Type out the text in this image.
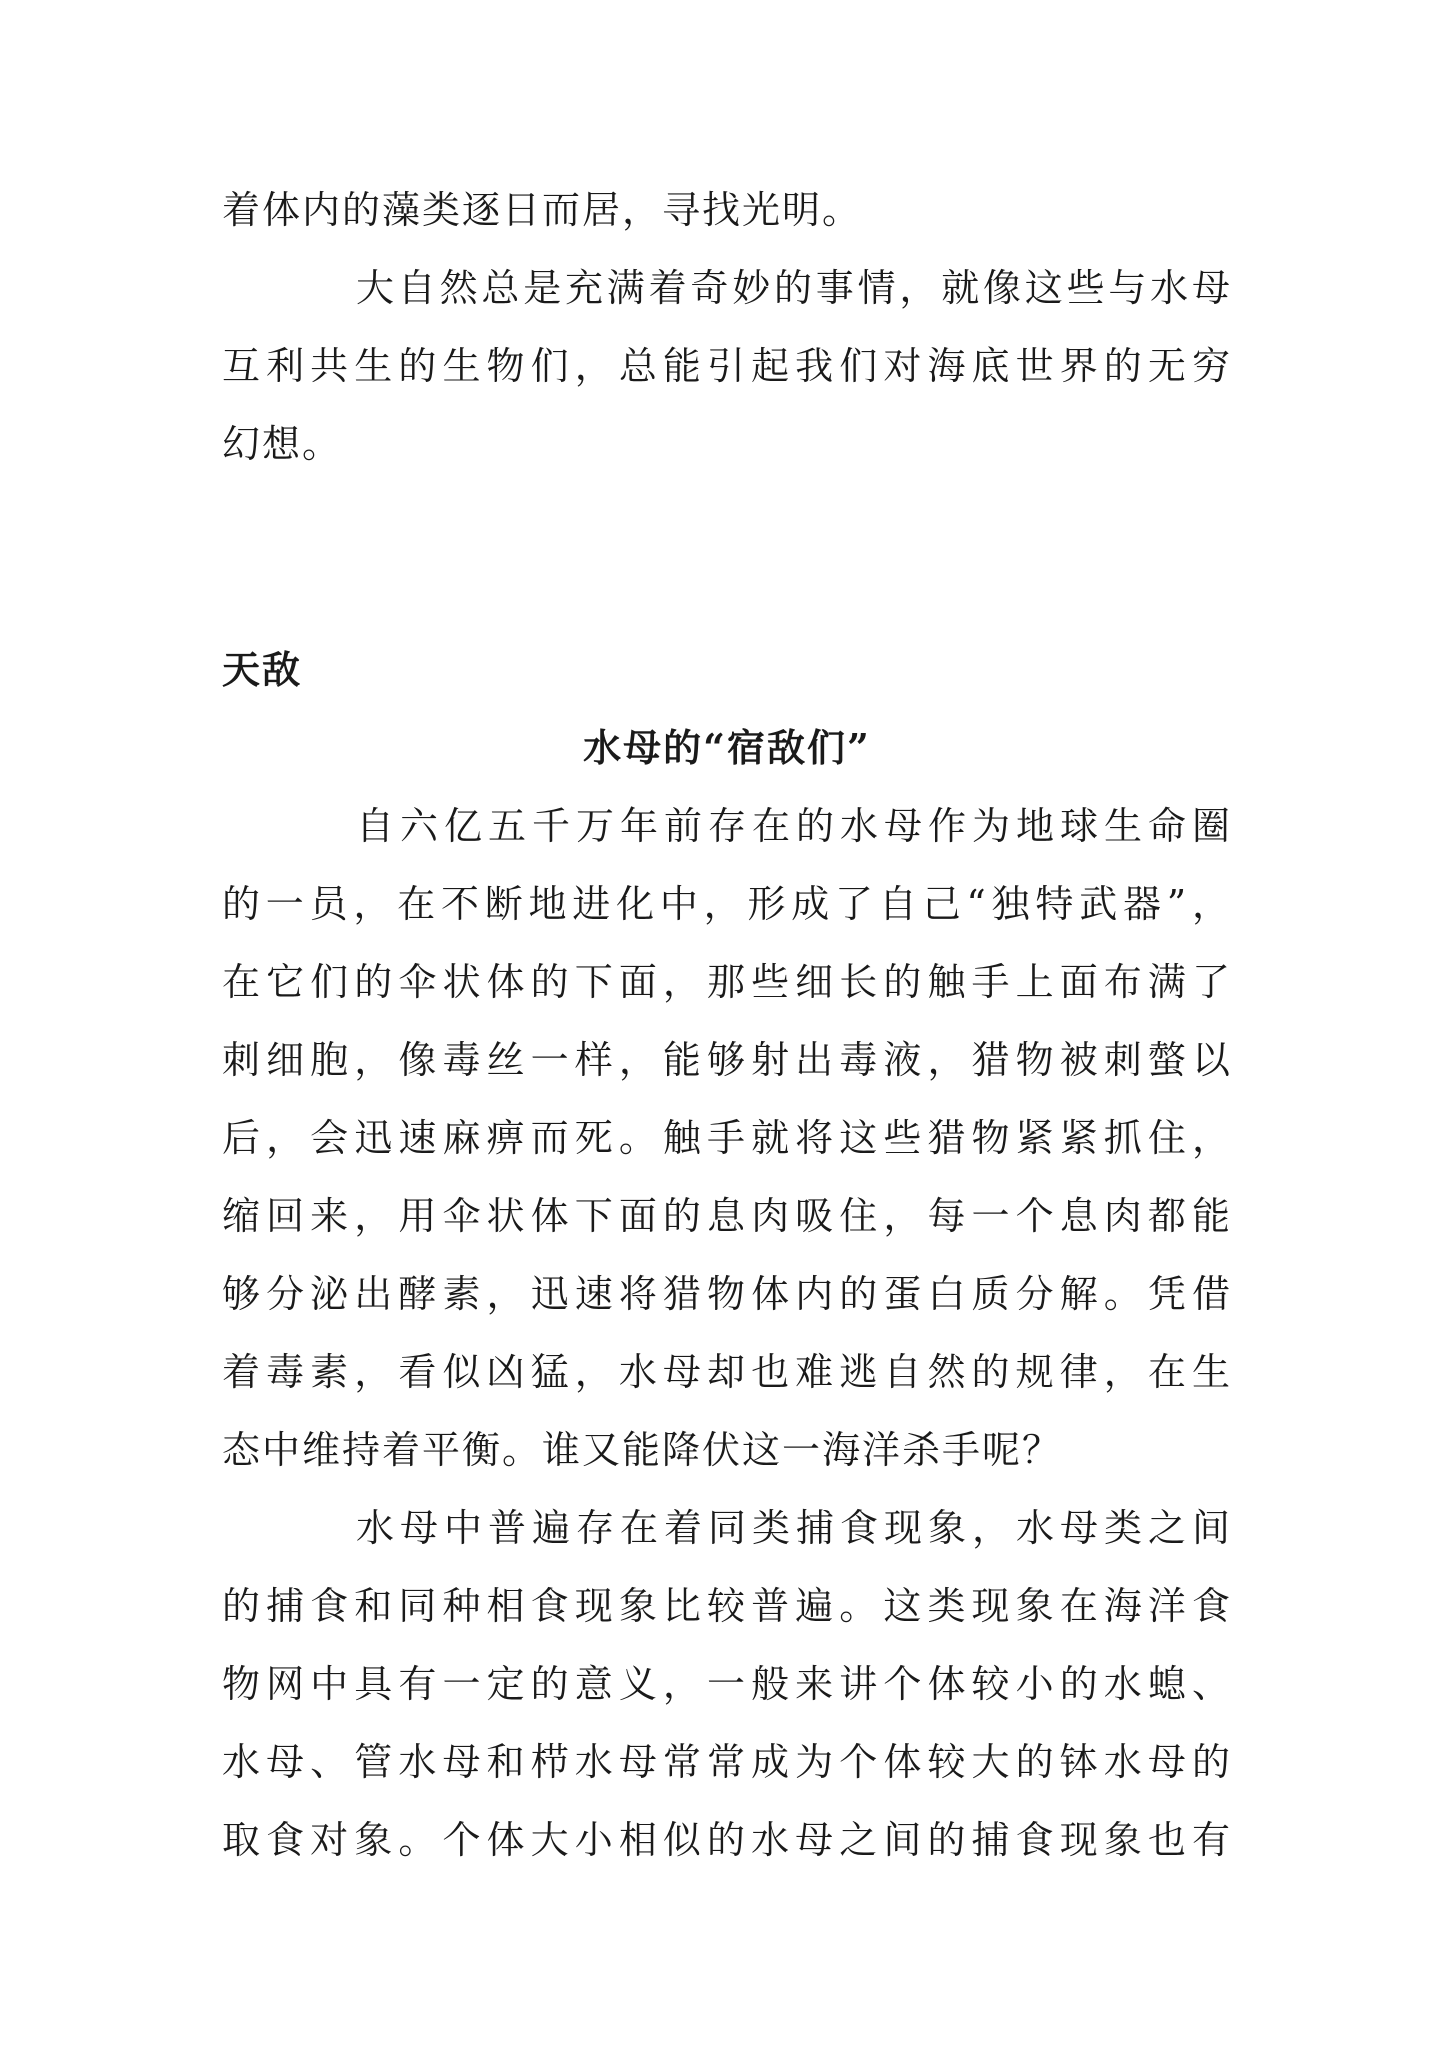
着体内的藻类逐日而居，寻找光明。
大自然总是充满着奇妙的事情，就像这些与水母
互利共生的生物们，总能引起我们对海底世界的无穷
幻想。
天敌
水母的“宿敌们”
自六亿五千万年前存在的水母作为地球生命圈
的一员，在不断地进化中，形成了自己“独特武器”，
在它们的伞状体的下面，那些细长的触手上面布满了
刺细胞，像毒丝一样，能够射出毒液，猎物被刺螫以
后，会迅速麻痹而死。触手就将这些猎物紧紧抓住，
缩回来，用伞状体下面的息肉吸住，每一个息肉都能
够分泌出酵素，迅速将猎物体内的蛋白质分解。凭借
着毒素，看似凶猛，水母却也难逃自然的规律，在生
态中维持着平衡。谁又能降伏这一海洋杀手呢？
水母中普遍存在着同类捕食现象，水母类之间
的捕食和同种相食现象比较普遍。这类现象在海洋食
物网中具有一定的意义，一般来讲个体较小的水螅、
水母、管水母和栉水母常常成为个体较大的钵水母的
取食对象。个体大小相似的水母之间的捕食现象也有
